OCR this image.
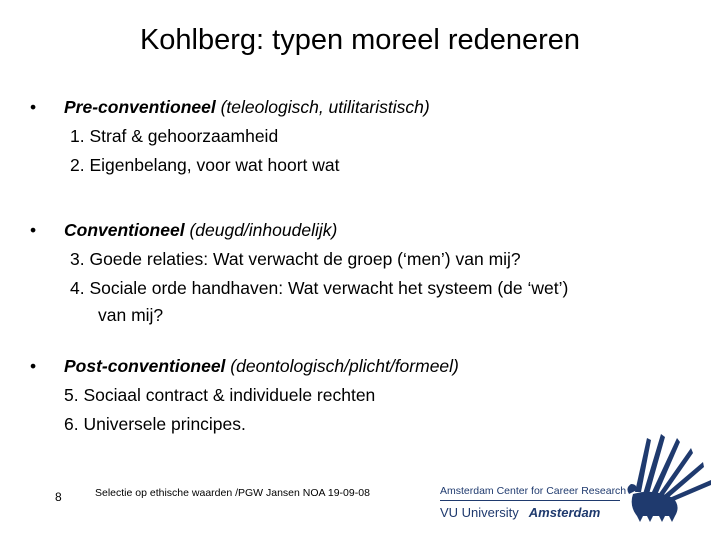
Kohlberg: typen moreel redeneren
• Pre-conventioneel (teleologisch, utilitaristisch)
1. Straf & gehoorzaamheid
2. Eigenbelang, voor wat hoort wat
• Conventioneel (deugd/inhoudelijk)
3. Goede relaties: Wat verwacht de groep (‘men’) van mij?
4. Sociale orde handhaven: Wat verwacht het systeem (de ‘wet’)
van mij?
• Post-conventioneel (deontologisch/plicht/formeel)
5. Sociaal contract & individuele rechten
6. Universele principes.
8	Selectie op ethische waarden /PGW Jansen NOA 19-09-08	Amsterdam Center for Career Research
VU University Amsterdam
